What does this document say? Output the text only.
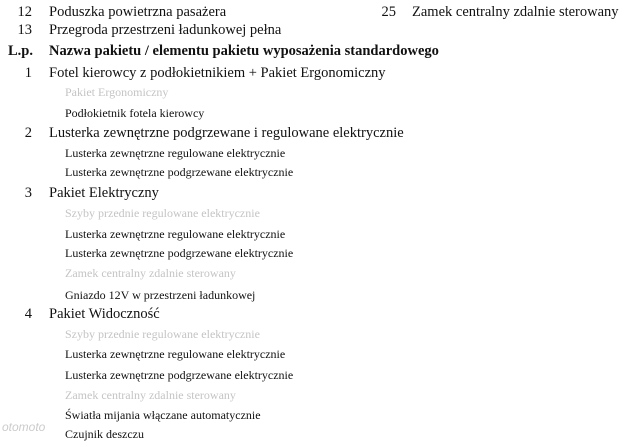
12 Poduszka powietrzna pasażera
13 Przegroda przestrzeni ładunkowej pełna
25 Zamek centralny zdalnie sterowany
L.p. Nazwa pakietu / elementu pakietu wyposażenia standardowego
1 Fotel kierowcy z podłokietnikiem + Pakiet Ergonomiczny
Pakiet Ergonomiczny
Podłokietnik fotela kierowcy
2 Lusterka zewnętrzne podgrzewane i regulowane elektrycznie
Lusterka zewnętrzne regulowane elektrycznie
Lusterka zewnętrzne podgrzewane elektrycznie
3 Pakiet Elektryczny
Szyby przednie regulowane elektrycznie
Lusterka zewnętrzne regulowane elektrycznie
Lusterka zewnętrzne podgrzewane elektrycznie
Zamek centralny zdalnie sterowany
Gniazdo 12V w przestrzeni ładunkowej
4 Pakiet Widoczność
Szyby przednie regulowane elektrycznie
Lusterka zewnętrzne regulowane elektrycznie
Lusterka zewnętrzne podgrzewane elektrycznie
Zamek centralny zdalnie sterowany
Światła mijania włączane automatycznie
Czujnik deszczu
otomoto
